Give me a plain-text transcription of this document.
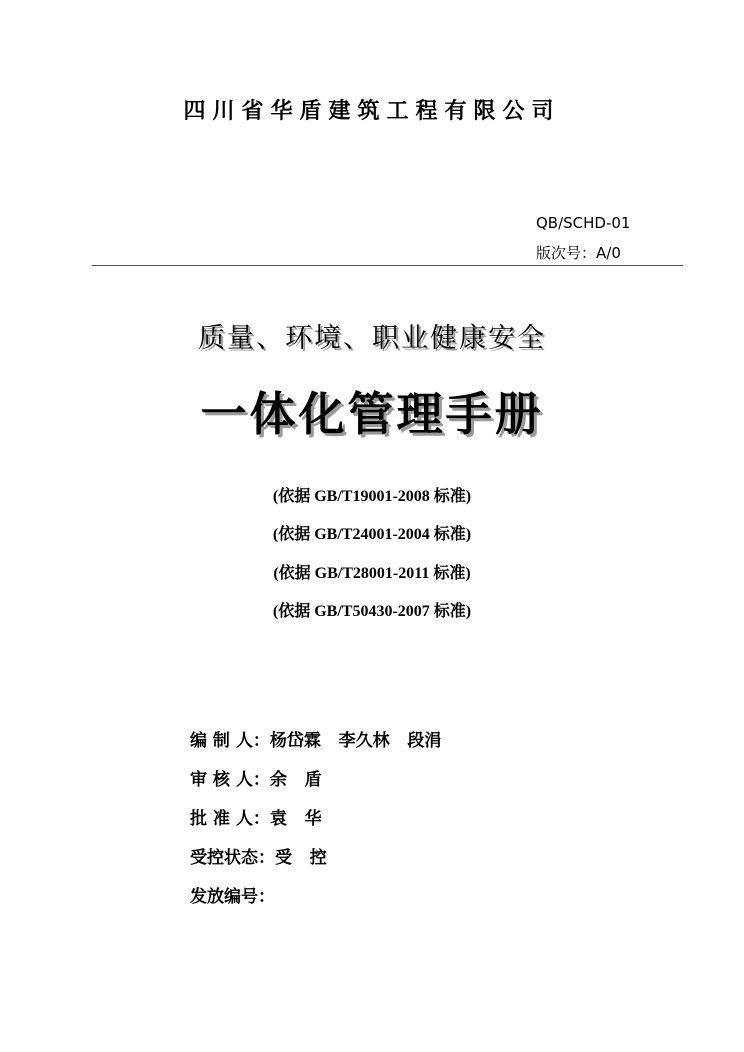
四川省华盾建筑工程有限公司
QB/SCHD-01
版次号：A/0
质量、环境、职业健康安全
一体化管理手册
(依据 GB/T19001-2008 标准)
(依据 GB/T24001-2004 标准)
(依据 GB/T28001-2011 标准)
(依据 GB/T50430-2007 标准)
编 制 人：杨岱霖   李久林   段涓
审 核 人：余   盾
批 准 人：袁   华
受控状态：受   控
发放编号：
